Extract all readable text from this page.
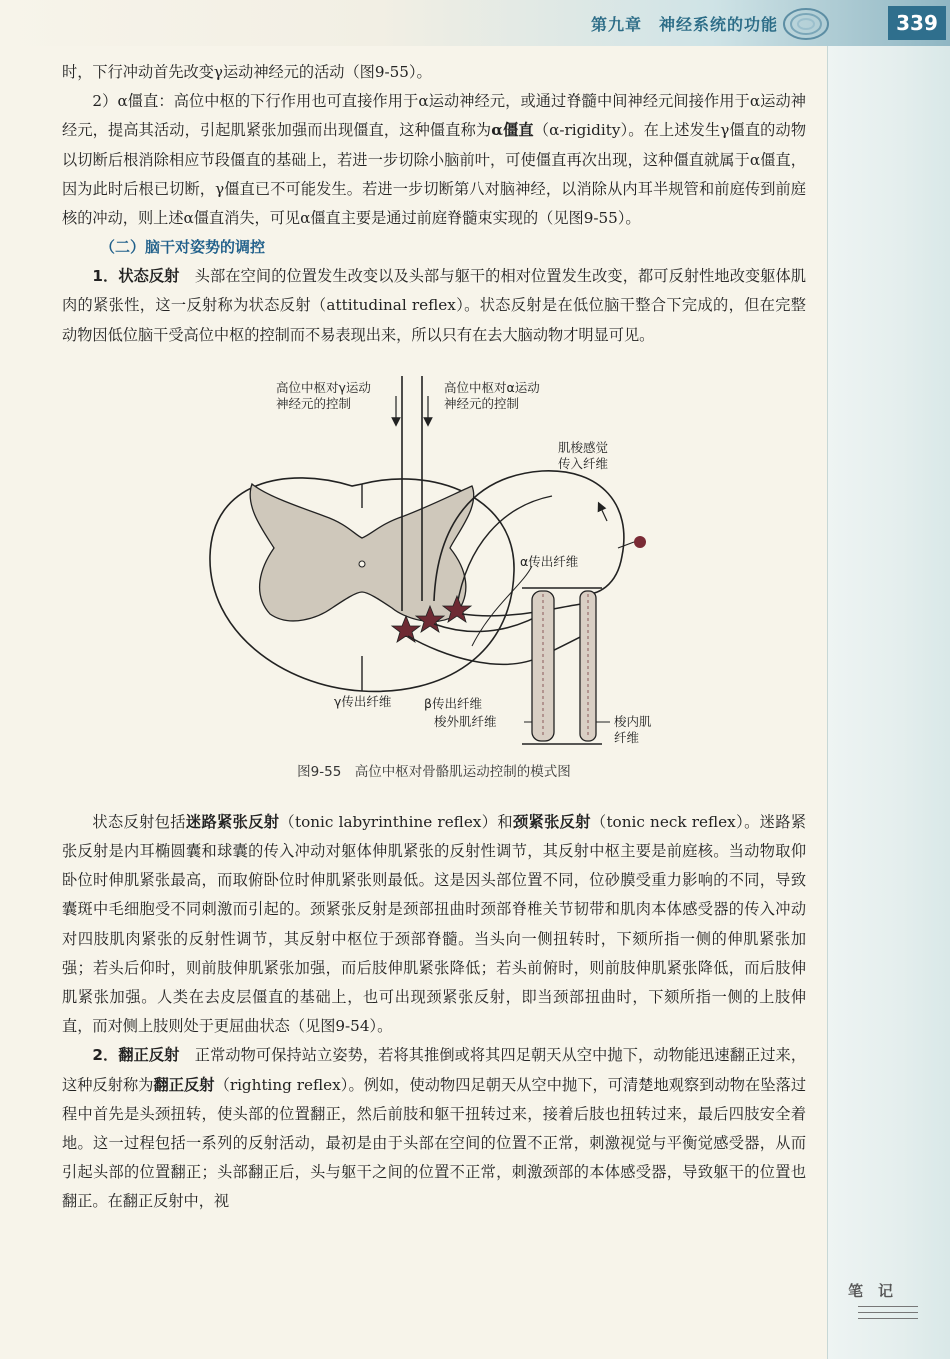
第九章　神经系统的功能	339

时，下行冲动首先改变γ运动神经元的活动（图9-55）。

2）α僵直：高位中枢的下行作用也可直接作用于α运动神经元，或通过脊髓中间神经元间接作用于α运动神经元，提高其活动，引起肌紧张加强而出现僵直，这种僵直称为α僵直（α-rigidity）。在上述发生γ僵直的动物以切断后根消除相应节段僵直的基础上，若进一步切除小脑前叶，可使僵直再次出现，这种僵直就属于α僵直，因为此时后根已切断，γ僵直已不可能发生。若进一步切断第八对脑神经，以消除从内耳半规管和前庭传到前庭核的冲动，则上述α僵直消失，可见α僵直主要是通过前庭脊髓束实现的（见图9-55）。

（二）脑干对姿势的调控

1．状态反射　 头部在空间的位置发生改变以及头部与躯干的相对位置发生改变，都可反射性地改变躯体肌肉的紧张性，这一反射称为状态反射（attitudinal reflex）。状态反射是在低位脑干整合下完成的，但在完整动物因低位脑干受高位中枢的控制而不易表现出来，所以只有在去大脑动物才明显可见。

高位中枢对γ运动
神经元的控制
高位中枢对α运动
神经元的控制
肌梭感觉
传入纤维
α传出纤维
γ传出纤维	β传出纤维
梭外肌纤维	梭内肌
纤维
图9-55　高位中枢对骨骼肌运动控制的模式图

状态反射包括迷路紧张反射（tonic labyrinthine reflex）和颈紧张反射（tonic neck reflex）。迷路紧张反射是内耳椭圆囊和球囊的传入冲动对躯体伸肌紧张的反射性调节，其反射中枢主要是前庭核。当动物取仰卧位时伸肌紧张最高，而取俯卧位时伸肌紧张则最低。这是因头部位置不同，位砂膜受重力影响的不同，导致囊斑中毛细胞受不同刺激而引起的。颈紧张反射是颈部扭曲时颈部脊椎关节韧带和肌肉本体感受器的传入冲动对四肢肌肉紧张的反射性调节，其反射中枢位于颈部脊髓。当头向一侧扭转时，下颏所指一侧的伸肌紧张加强；若头后仰时，则前肢伸肌紧张加强，而后肢伸肌紧张降低；若头前俯时，则前肢伸肌紧张降低，而后肢伸肌紧张加强。人类在去皮层僵直的基础上，也可出现颈紧张反射，即当颈部扭曲时，下颏所指一侧的上肢伸直，而对侧上肢则处于更屈曲状态（见图9-54）。

2．翻正反射　 正常动物可保持站立姿势，若将其推倒或将其四足朝天从空中抛下，动物能迅速翻正过来，这种反射称为翻正反射（righting reflex）。例如，使动物四足朝天从空中抛下，可清楚地观察到动物在坠落过程中首先是头颈扭转，使头部的位置翻正，然后前肢和躯干扭转过来，接着后肢也扭转过来，最后四肢安全着地。这一过程包括一系列的反射活动，最初是由于头部在空间的位置不正常，刺激视觉与平衡觉感受器，从而引起头部的位置翻正；头部翻正后，头与躯干之间的位置不正常，刺激颈部的本体感受器，导致躯干的位置也翻正。在翻正反射中，视

笔　记
